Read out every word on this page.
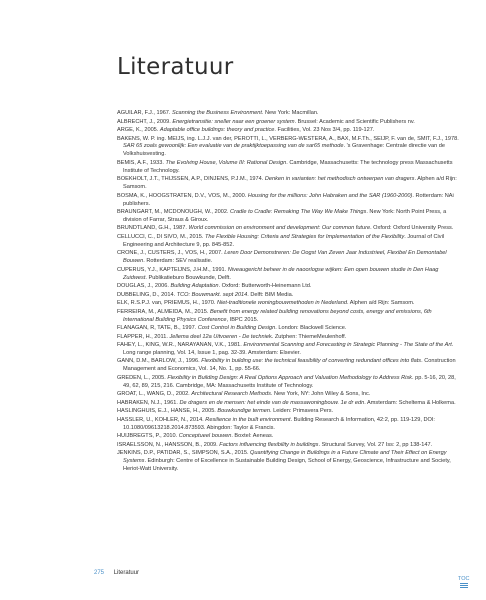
Literatuur
AGUILAR, F.J., 1967. Scanning the Business Environment. New York: Macmillan.
ALBRECHT, J., 2009. Energietransitie: sneller naar een groener system. Brussel: Academic and Scientific Publishers nv.
ARGE, K., 2005. Adaptable office buildings: theory and practice. Facilities, Vol. 23 Nos 3/4, pp. 119-127.
BAKENS, W. P. ing. MEIJS, ing. L.J.J. van der, PEROTTI, L., VERBERG-WESTERA, A., BAX, M.F.Th., SEIJP, F. van de, SMIT, F.J., 1978. SAR 65 zoals gewoonlijk: Een evaluatie van de praktijktoepassing van de sar65 methode. 's Gravenhage: Centrale directie van de Volkshuisvesting.
BEMIS, A.F., 1933. The Evolving House, Volume III: Rational Design. Cambridge, Massachusetts: The technology press Massachusetts Institute of Technology.
BOEKHOLT, J.T., THIJSSEN, A.P., DINJENS, P.J.M., 1974. Denken in varianten: het methodisch ontwerpen van dragers. Alphen a/d Rijn: Samsom.
BOSMA, K., HOOGSTRATEN, D.V., VOS, M., 2000. Housing for the millions: John Habraken and the SAR (1960-2000). Rotterdam: NAi publishers.
BRAUNGART, M., MCDONOUGH, W., 2002. Cradle to Cradle: Remaking The Way We Make Things. New York: North Point Press, a division of Farrar, Straus & Giroux.
BRUNDTLAND, G.H., 1987. World commission on environment and development: Our common future. Oxford: Oxford University Press.
CELLUCCI, C., DI SIVO, M., 2015. The Flexible Housing: Criteria and Strategies for Implementation of the Flexibility. Journal of Civil Engineering and Architecture 9, pp. 845-852.
CRONE, J., CUSTERS, J., VOS, H., 2007. Leren Door Demonstreren: De Oogst Van Zeven Jaar Industrieel, Flexibel En Demontabel Bouwen. Rotterdam: SEV realisatie.
CUPERUS, Y.J., KAPTEIJNS, J.H.M., 1991. Niveaugericht beheer in de naoorlogse wijken: Een open bouwen studie in Den Haag Zuidwest. Publikatieburo Bouwkunde, Delft.
DOUGLAS, J., 2006. Building Adaptation. Oxford: Butterworth-Heinemann Ltd.
DUBBELING, D., 2014. TCO: Bouwmarkt. sept 2014. Delft: BIM Media.
ELK, R.S.P.J. van, PRIEMUS, H., 1970. Niet-traditionele woningbouwmethoden in Nederland. Alphen a/d Rijn: Samsom.
FERREIRA, M., ALMEIDA, M., 2015. Benefit from energy related building renovations beyond costs, energy and emissions, 6th International Building Physics Conference, IBPC 2015.
FLANAGAN, R, TATE, B., 1997. Cost Control in Building Design. London: Blackwell Science.
FLAPPER, H., 2011. Jellema deel 12a Uitvoeren - De techniek. Zutphen: ThiemeMeulenhoff.
FAHEY, L., KING, W.R., NARAYANAN, V.K., 1981. Environmental Scanning and Forecasting in Strategic Planning - The State of the Art. Long range planning, Vol. 14, Issue 1, pag. 32-39. Amsterdam: Elsevier.
GANN, D.M., BARLOW, J., 1996. Flexibility in building use: the technical feasibility of converting redundant offices into flats. Construction Management and Economics, Vol. 14, No. 1, pp. 55-66.
GREDEN, L., 2005. Flexibility in Building Design: A Real Options Approach and Valuation Methodology to Address Risk. pp. 5-16, 20, 28, 49, 62, 89, 215, 216. Cambridge, MA: Massachusetts Institute of Technology.
GROAT, L., WANG, D., 2002. Architectural Research Methods. New York, NY: John Wiley & Sons, Inc.
HABRAKEN, N.J., 1961. De dragers en de mensen: het einde van de massawoningbouw. 1e dr edn. Amsterdam: Scheltema & Holkema.
HASLINGHUIS, E.J., HANSE, H., 2005. Bouwkundige termen. Leiden: Primavera Pers.
HASSLER, U., KOHLER, N., 2014. Resilience in the built environment. Building Research & Information, 42:2, pp. 119-129, DOI: 10.1080/09613218.2014.873593. Abingdon: Taylor & Francis.
HUIJBREGTS, P., 2010. Conceptueel bouwen. Boxtel: Aeneas.
ISRAELSSON, N., HANSSON, B., 2009. Factors influencing flexibility in buildings. Structural Survey, Vol. 27 Iss: 2, pp 138-147.
JENKINS, D.P., PATIDAR, S., SIMPSON, S.A., 2015. Quantifying Change in Buildings in a Future Climate and Their Effect on Energy Systems. Edinburgh: Centre of Excellence in Sustainable Building Design, School of Energy, Geoscience, Infrastructure and Society, Heriot-Watt University.
275 Literatuur
TOC
